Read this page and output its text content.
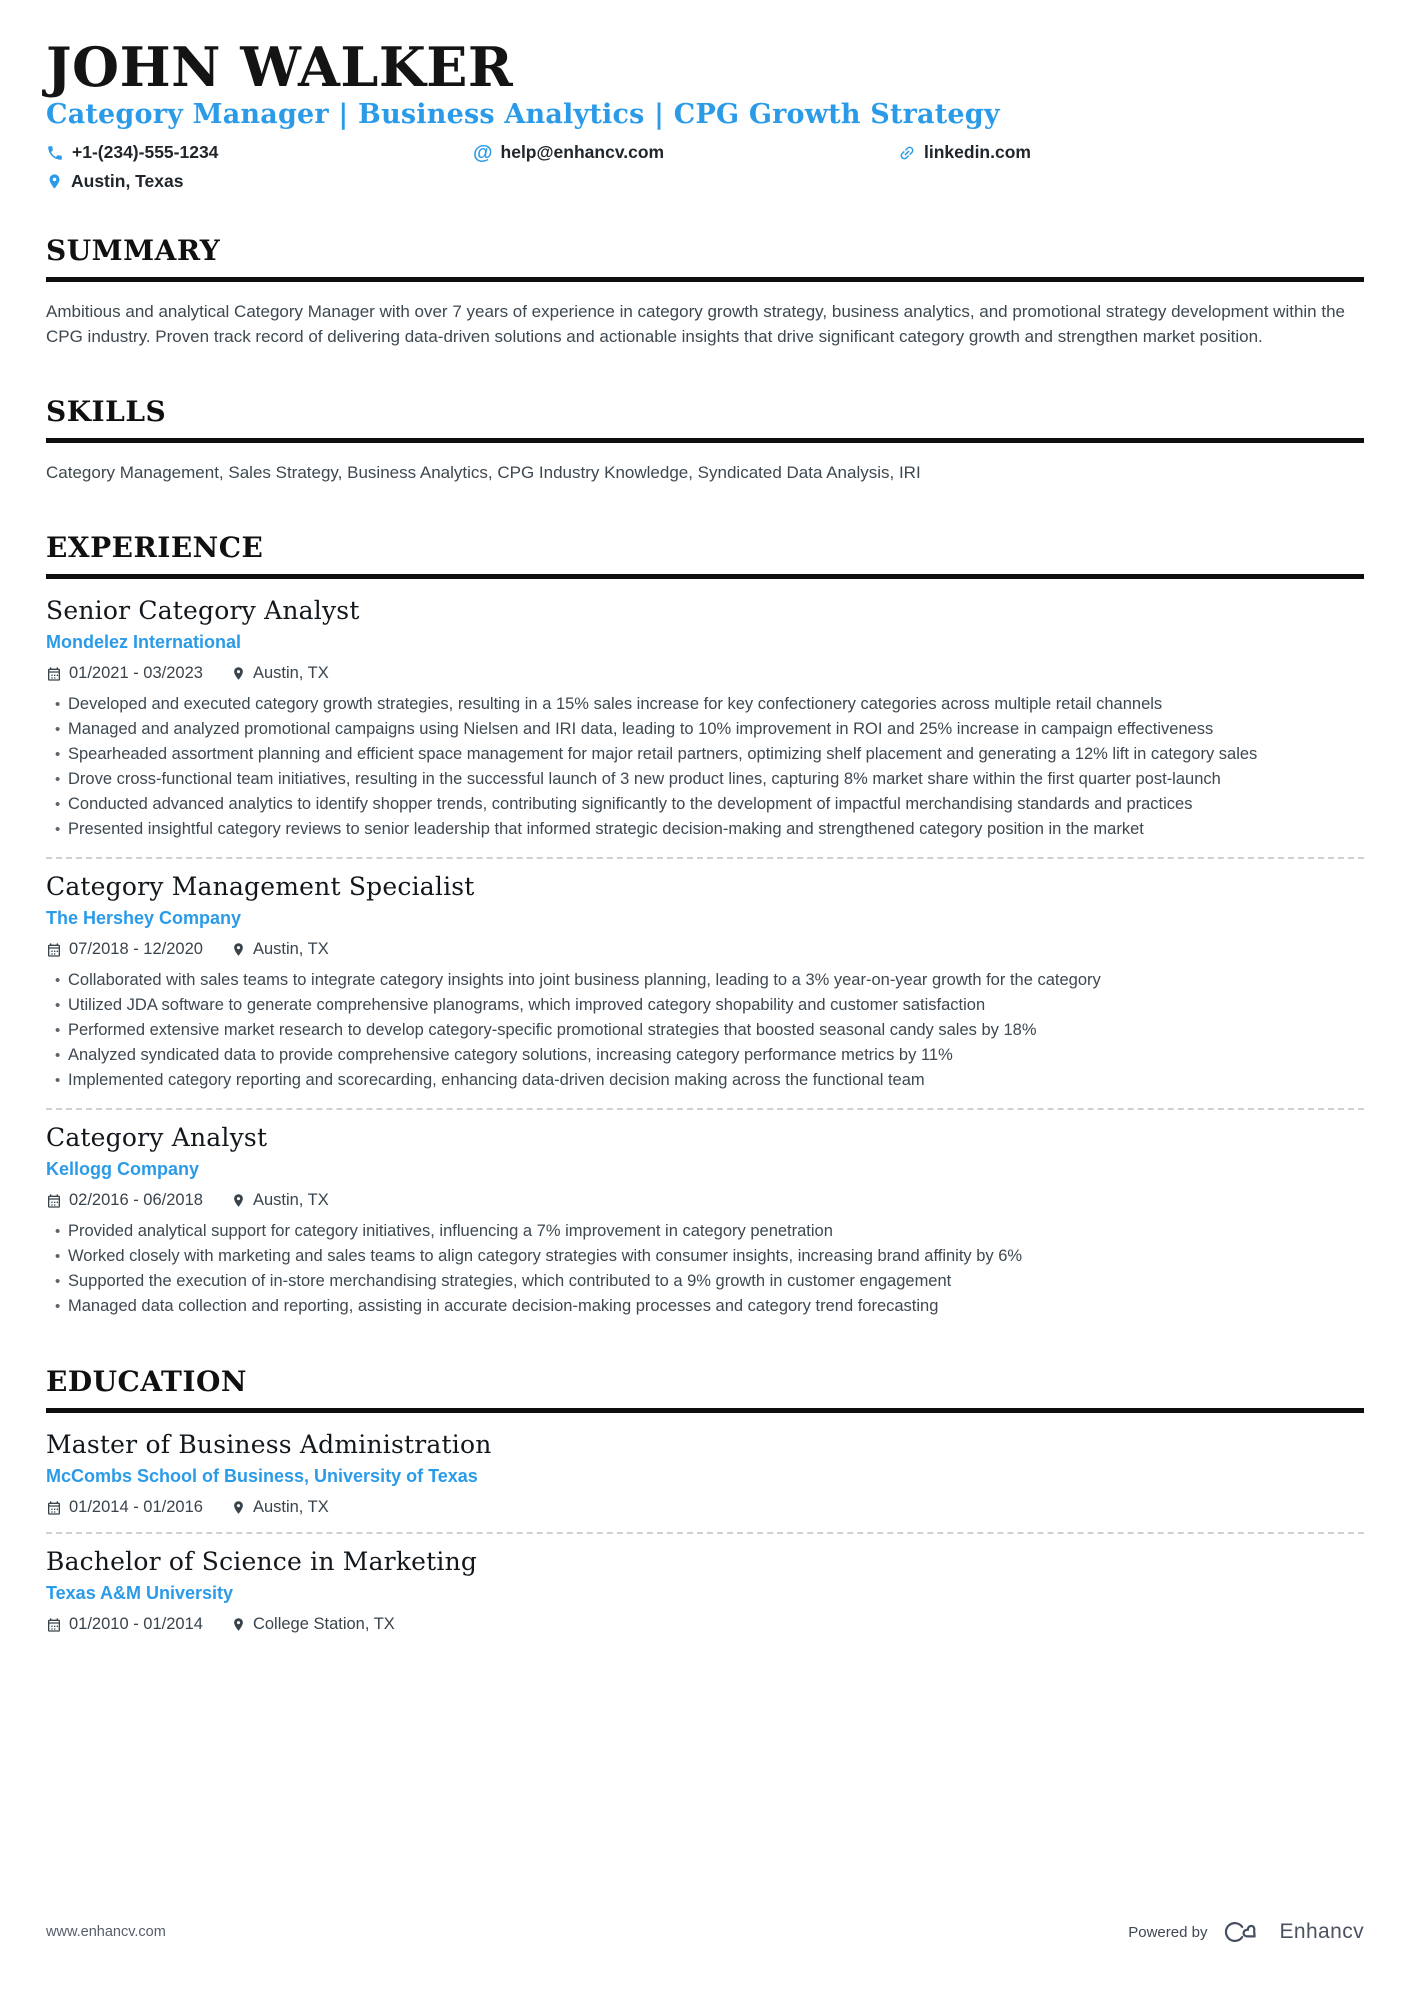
JOHN WALKER
Category Manager | Business Analytics | CPG Growth Strategy
+1-(234)-555-1234	@ help@enhancv.com	linkedin.com
Austin, Texas
SUMMARY

Ambitious and analytical Category Manager with over 7 years of experience in category growth strategy, business analytics, and promotional strategy development within the CPG industry. Proven track record of delivering data-driven solutions and actionable insights that drive significant category growth and strengthen market position.

SKILLS

Category Management, Sales Strategy, Business Analytics, CPG Industry Knowledge, Syndicated Data Analysis, IRI

EXPERIENCE
Senior Category Analyst
Mondelez International
01/2021 - 03/2023	Austin, TX
• Developed and executed category growth strategies, resulting in a 15% sales increase for key confectionery categories across multiple retail channels
• Managed and analyzed promotional campaigns using Nielsen and IRI data, leading to 10% improvement in ROI and 25% increase in campaign effectiveness
• Spearheaded assortment planning and efficient space management for major retail partners, optimizing shelf placement and generating a 12% lift in category sales
• Drove cross-functional team initiatives, resulting in the successful launch of 3 new product lines, capturing 8% market share within the first quarter post-launch
• Conducted advanced analytics to identify shopper trends, contributing significantly to the development of impactful merchandising standards and practices
• Presented insightful category reviews to senior leadership that informed strategic decision-making and strengthened category position in the market
Category Management Specialist
The Hershey Company
07/2018 - 12/2020	Austin, TX
• Collaborated with sales teams to integrate category insights into joint business planning, leading to a 3% year-on-year growth for the category
• Utilized JDA software to generate comprehensive planograms, which improved category shopability and customer satisfaction
• Performed extensive market research to develop category-specific promotional strategies that boosted seasonal candy sales by 18%
• Analyzed syndicated data to provide comprehensive category solutions, increasing category performance metrics by 11%
• Implemented category reporting and scorecarding, enhancing data-driven decision making across the functional team
Category Analyst
Kellogg Company
02/2016 - 06/2018	Austin, TX
• Provided analytical support for category initiatives, influencing a 7% improvement in category penetration
• Worked closely with marketing and sales teams to align category strategies with consumer insights, increasing brand affinity by 6%
• Supported the execution of in-store merchandising strategies, which contributed to a 9% growth in customer engagement
• Managed data collection and reporting, assisting in accurate decision-making processes and category trend forecasting
EDUCATION
Master of Business Administration
McCombs School of Business, University of Texas
01/2014 - 01/2016	Austin, TX
Bachelor of Science in Marketing
Texas A&M University
01/2010 - 01/2014	College Station, TX
www.enhancv.com	Powered by	Enhancv
